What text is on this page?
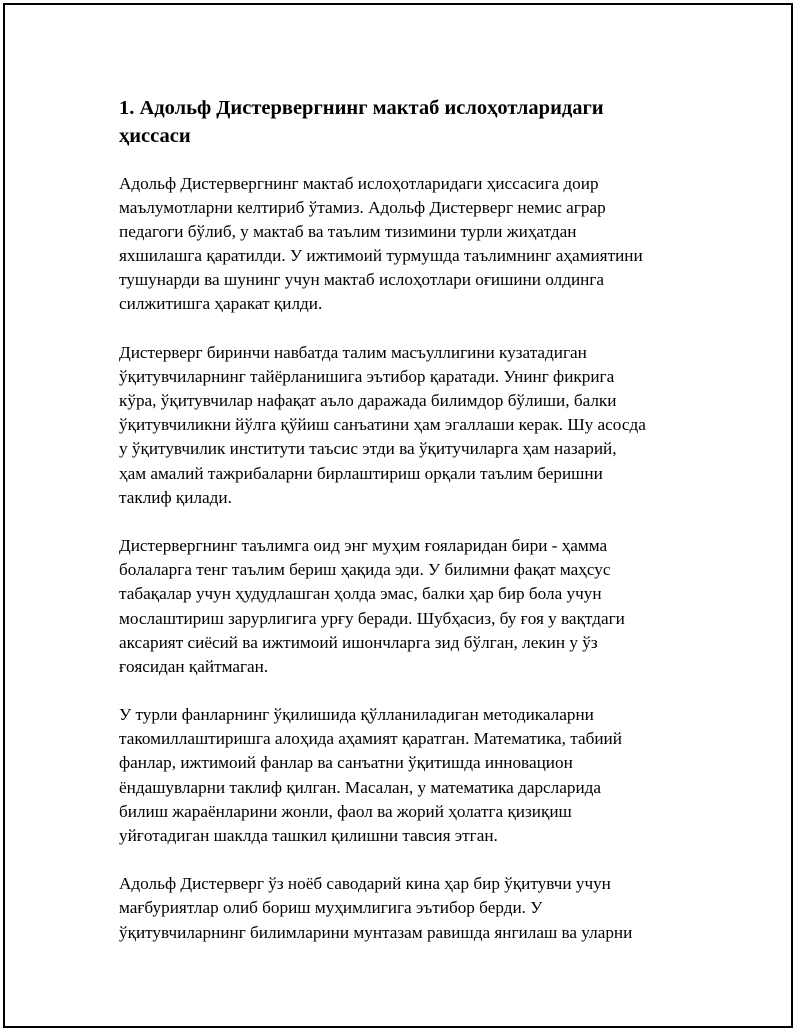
1. Адольф Дистервергнинг мактаб ислоҳотларидаги
ҳиссаси

Адольф Дистервергнинг мактаб ислоҳотларидаги ҳиссасига доир
маълумотларни келтириб ўтамиз. Адольф Дистерверг немис аграр
педагоги бўлиб, у мактаб ва таълим тизимини турли жиҳатдан
яхшилашга қаратилди. У ижтимоий турмушда таълимнинг аҳамиятини
тушунарди ва шунинг учун мактаб ислоҳотлари оғишини олдинга
силжитишга ҳаракат қилди.

Дистерверг биринчи навбатда талим масъуллигини кузатадиган
ўқитувчиларнинг тайёрланишига эътибор қаратади. Унинг фикрига
кўра, ўқитувчилар нафақат аъло даражада билимдор бўлиши, балки
ўқитувчиликни йўлга қўйиш санъатини ҳам эгаллаши керак. Шу асосда
у ўқитувчилик институти таъсис этди ва ўқитучиларга ҳам назарий,
ҳам амалий тажрибаларни бирлаштириш орқали таълим беришни
таклиф қилади.

Дистервергнинг таълимга оид энг муҳим ғояларидан бири - ҳамма
болаларга тенг таълим бериш ҳақида эди. У билимни фақат маҳсус
табақалар учун ҳудудлашган ҳолда эмас, балки ҳар бир бола учун
мослаштириш зарурлигига урғу беради. Шубҳасиз, бу ғоя у вақтдаги
аксарият сиёсий ва ижтимоий ишончларга зид бўлган, лекин у ўз
ғоясидан қайтмаган.

У турли фанларнинг ўқилишида қўлланиладиган методикаларни
такомиллаштиришга алоҳида аҳамият қаратган. Математика, табиий
фанлар, ижтимоий фанлар ва санъатни ўқитишда инновацион
ёндашувларни таклиф қилган. Масалан, у математика дарсларида
билиш жараёнларини жонли, фаол ва жорий ҳолатга қизиқиш
уйғотадиган шаклда ташкил қилишни тавсия этган.

Адольф Дистерверг ўз ноёб саводарий кина ҳар бир ўқитувчи учун
мағбуриятлар олиб бориш муҳимлигига эътибор берди. У
ўқитувчиларнинг билимларини мунтазам равишда янгилаш ва уларни
